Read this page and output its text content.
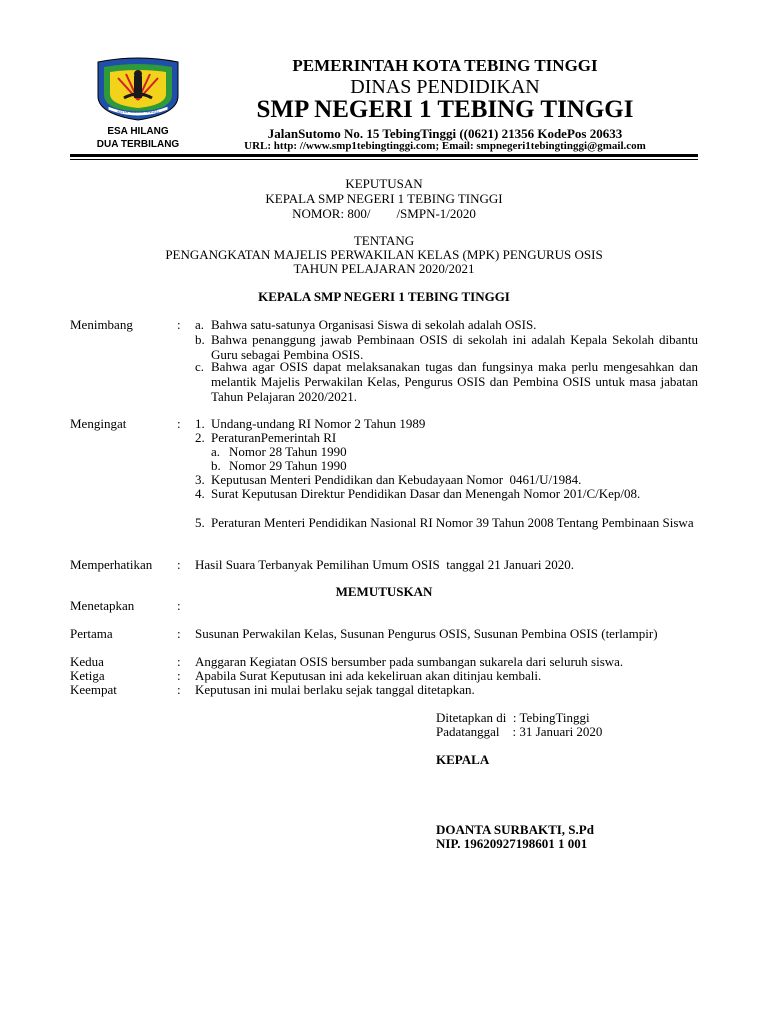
KOTA TEBING TINGGI
ESA HILANG
DUA TERBILANG
PEMERINTAH KOTA TEBING TINGGI
DINAS PENDIDIKAN
SMP NEGERI 1 TEBING TINGGI
JalanSutomo No. 15 TebingTinggi ((0621) 21356 KodePos 20633
URL: http: //www.smp1tebingtinggi.com; Email: smpnegeri1tebingtinggi@gmail.com
KEPUTUSAN
KEPALA SMP NEGERI 1 TEBING TINGGI
NOMOR: 800/        /SMPN-1/2020
TENTANG
PENGANGKATAN MAJELIS PERWAKILAN KELAS (MPK) PENGURUS OSIS
TAHUN PELAJARAN 2020/2021
KEPALA SMP NEGERI 1 TEBING TINGGI
Menimbang	: a. Bahwa satu-satunya Organisasi Siswa di sekolah adalah OSIS.
b. Bahwa penanggung jawab Pembinaan OSIS di sekolah ini adalah Kepala Sekolah dibantu Guru sebagai Pembina OSIS.
c. Bahwa agar OSIS dapat melaksanakan tugas dan fungsinya maka perlu mengesahkan dan melantik Majelis Perwakilan Kelas, Pengurus OSIS dan Pembina OSIS untuk masa jabatan Tahun Pelajaran 2020/2021.
Mengingat	: 1. Undang-undang RI Nomor 2 Tahun 1989
2. PeraturanPemerintah RI
a. Nomor 28 Tahun 1990
b. Nomor 29 Tahun 1990
3. Keputusan Menteri Pendidikan dan Kebudayaan Nomor  0461/U/1984.
4. Surat Keputusan Direktur Pendidikan Dasar dan Menengah Nomor 201/C/Kep/08.
5. Peraturan Menteri Pendidikan Nasional RI Nomor 39 Tahun 2008 Tentang Pembinaan Siswa
Memperhatikan : Hasil Suara Terbanyak Pemilihan Umum OSIS  tanggal 21 Januari 2020.
MEMUTUSKAN
Menetapkan	:
Pertama	: Susunan Perwakilan Kelas, Susunan Pengurus OSIS, Susunan Pembina OSIS (terlampir)
Kedua	: Anggaran Kegiatan OSIS bersumber pada sumbangan sukarela dari seluruh siswa.
Ketiga	: Apabila Surat Keputusan ini ada kekeliruan akan ditinjau kembali.
Keempat	: Keputusan ini mulai berlaku sejak tanggal ditetapkan.
Ditetapkan di  : TebingTinggi
Padatanggal    : 31 Januari 2020
KEPALA
DOANTA SURBAKTI, S.Pd
NIP. 19620927198601 1 001
